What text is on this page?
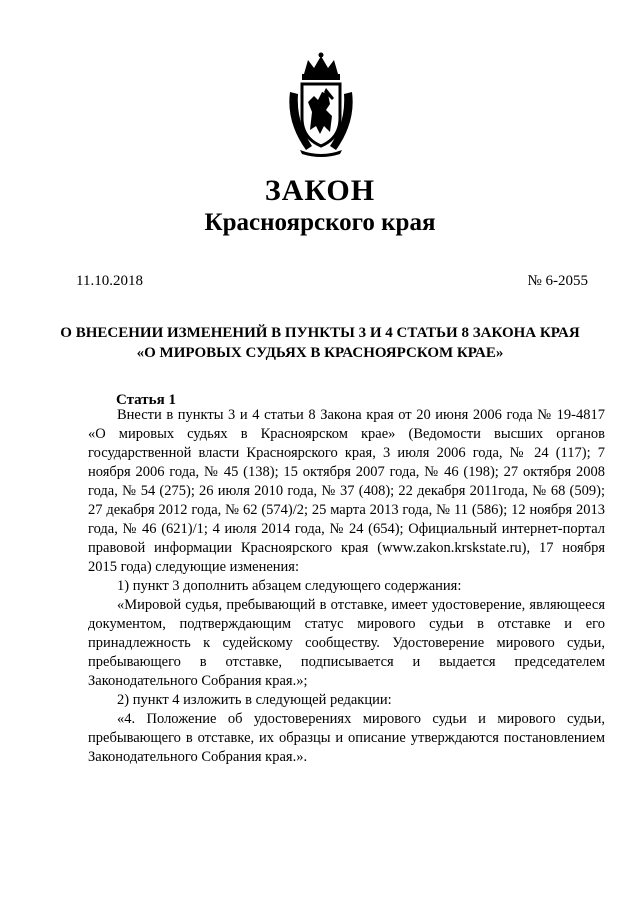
ЗАКОН
Красноярского края
11.10.2018	№ 6-2055
О ВНЕСЕНИИ ИЗМЕНЕНИЙ В ПУНКТЫ 3 И 4 СТАТЬИ 8 ЗАКОНА КРАЯ
«О МИРОВЫХ СУДЬЯХ В КРАСНОЯРСКОМ КРАЕ»
Статья 1

Внести в пункты 3 и 4 статьи 8 Закона края от 20 июня 2006 года № 19-4817 «О мировых судьях в Красноярском крае» (Ведомости высших органов государственной власти Красноярского края, 3 июля 2006 года, № 24 (117); 7 ноября 2006 года, № 45 (138); 15 октября 2007 года, № 46 (198); 27 октября 2008 года, № 54 (275); 26 июля 2010 года, № 37 (408); 22 декабря 2011года, № 68 (509); 27 декабря 2012 года, № 62 (574)/2; 25 марта 2013 года, № 11 (586); 12 ноября 2013 года, № 46 (621)/1; 4 июля 2014 года, № 24 (654); Официальный интернет-портал правовой информации Красноярского края (www.zakon.krskstate.ru), 17 ноября 2015 года) следующие изменения:

1) пункт 3 дополнить абзацем следующего содержания:

«Мировой судья, пребывающий в отставке, имеет удостоверение, являющееся документом, подтверждающим статус мирового судьи в отставке и его принадлежность к судейскому сообществу. Удостоверение мирового судьи, пребывающего в отставке, подписывается и выдается председателем Законодательного Собрания края.»;

2) пункт 4 изложить в следующей редакции:

«4. Положение об удостоверениях мирового судьи и мирового судьи, пребывающего в отставке, их образцы и описание утверждаются постановлением Законодательного Собрания края.».
